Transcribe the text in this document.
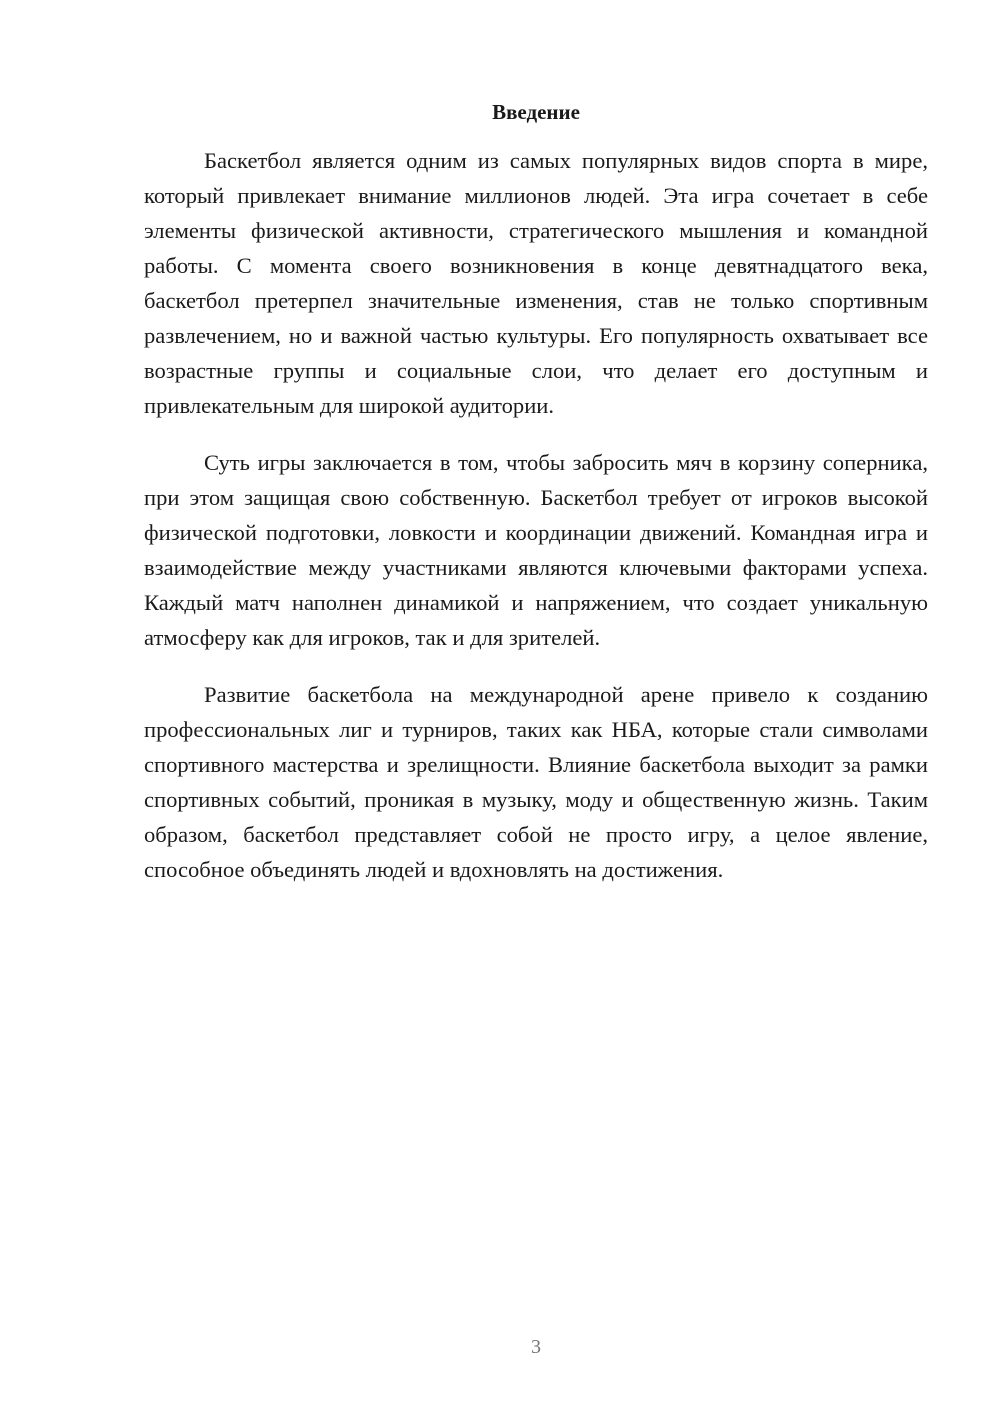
Введение

Баскетбол является одним из самых популярных видов спорта в мире, который привлекает внимание миллионов людей. Эта игра сочетает в себе элементы физической активности, стратегического мышления и командной работы. С момента своего возникновения в конце девятнадцатого века, баскетбол претерпел значительные изменения, став не только спортивным развлечением, но и важной частью культуры. Его популярность охватывает все возрастные группы и социальные слои, что делает его доступным и привлекательным для широкой аудитории.

Суть игры заключается в том, чтобы забросить мяч в корзину соперника, при этом защищая свою собственную. Баскетбол требует от игроков высокой физической подготовки, ловкости и координации движений. Командная игра и взаимодействие между участниками являются ключевыми факторами успеха. Каждый матч наполнен динамикой и напряжением, что создает уникальную атмосферу как для игроков, так и для зрителей.

Развитие баскетбола на международной арене привело к созданию профессиональных лиг и турниров, таких как НБА, которые стали символами спортивного мастерства и зрелищности. Влияние баскетбола выходит за рамки спортивных событий, проникая в музыку, моду и общественную жизнь. Таким образом, баскетбол представляет собой не просто игру, а целое явление, способное объединять людей и вдохновлять на достижения.

3
